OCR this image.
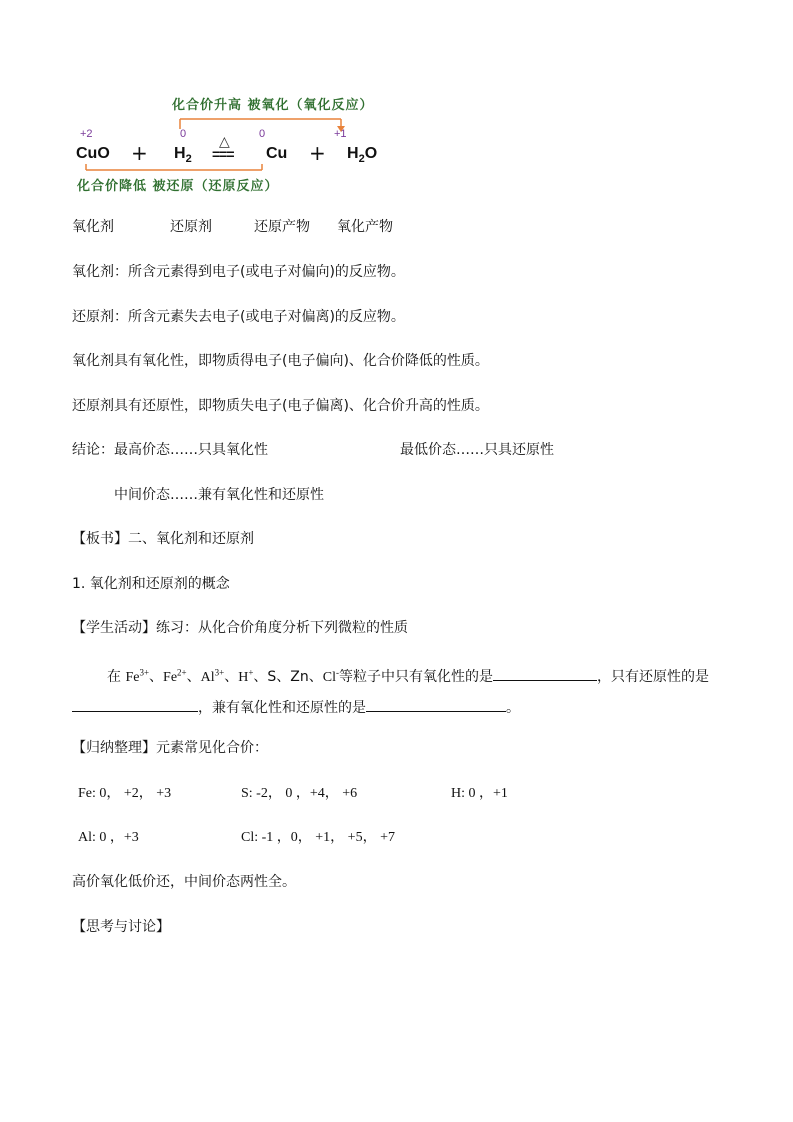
化合价升高 被氧化（氧化反应）
+2	0	0	+1
CuO + $H_2$
△
=== $Cu + H_2O$
化合价降低 被还原（还原反应）
氧化剂	还原剂	还原产物 氧化产物
氧化剂：所含元素得到电子(或电子对偏向)的反应物。
还原剂：所含元素失去电子(或电子对偏离)的反应物。
氧化剂具有氧化性，即物质得电子(电子偏向)、化合价降低的性质。
还原剂具有还原性，即物质失电子(电子偏离)、化合价升高的性质。
结论：最高价态……只具氧化性	最低价态……只具还原性
中间价态……兼有氧化性和还原性
【板书】二、氧化剂和还原剂
1. 氧化剂和还原剂的概念
【学生活动】练习：从化合价角度分析下列微粒的性质
在 $Fe^{3+}$、$Fe^{2+}$、$Al^{3+}$、H+、S、Zn、Cl-等粒子中只有氧化性的是	，只有还原性的是
，兼有氧化性和还原性的是	。
【归纳整理】元素常见化合价：
Fe: 0， +2， +3	S: -2， 0 ，+4， +6	H: 0 ，+1
Al: 0 ，+3	Cl: -1 ，0， +1， +5， +7
高价氧化低价还，中间价态两性全。
【思考与讨论】
